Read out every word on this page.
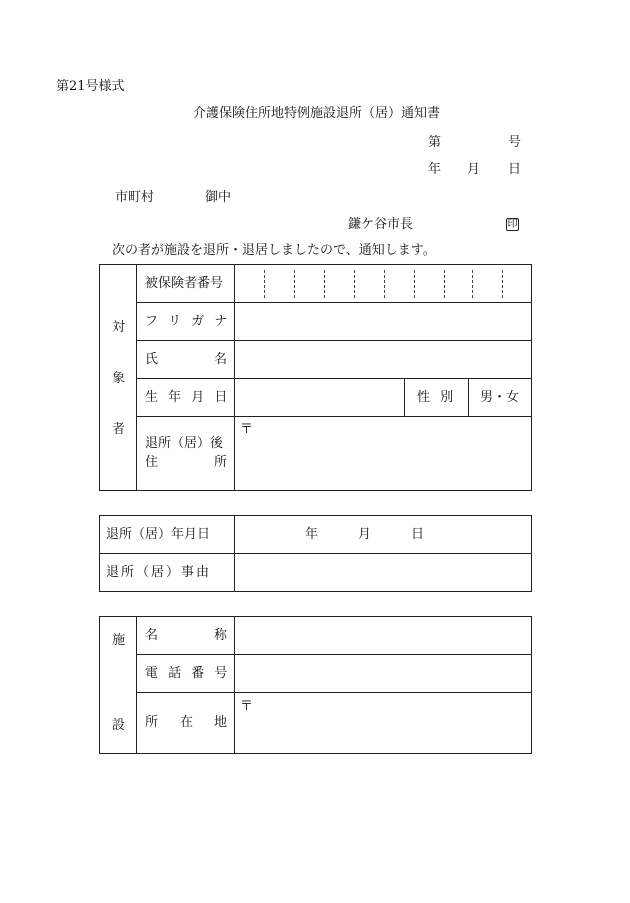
第21号様式
介護保険住所地特例施設退所（居）通知書
第	号
年 月 日
市町村	御中
鎌ケ谷市長	印
次の者が施設を退所・退居しましたので、通知します。
対
象
者
被保険者番号
フ リ ガ ナ
氏	名
生 年 月 日	性 別 男・女
退所（居）後
住	所
〒
退所（居）年月日	年	月	日
退所（居）事由
施
設
名	称
電 話 番 号
所 在 地
〒
